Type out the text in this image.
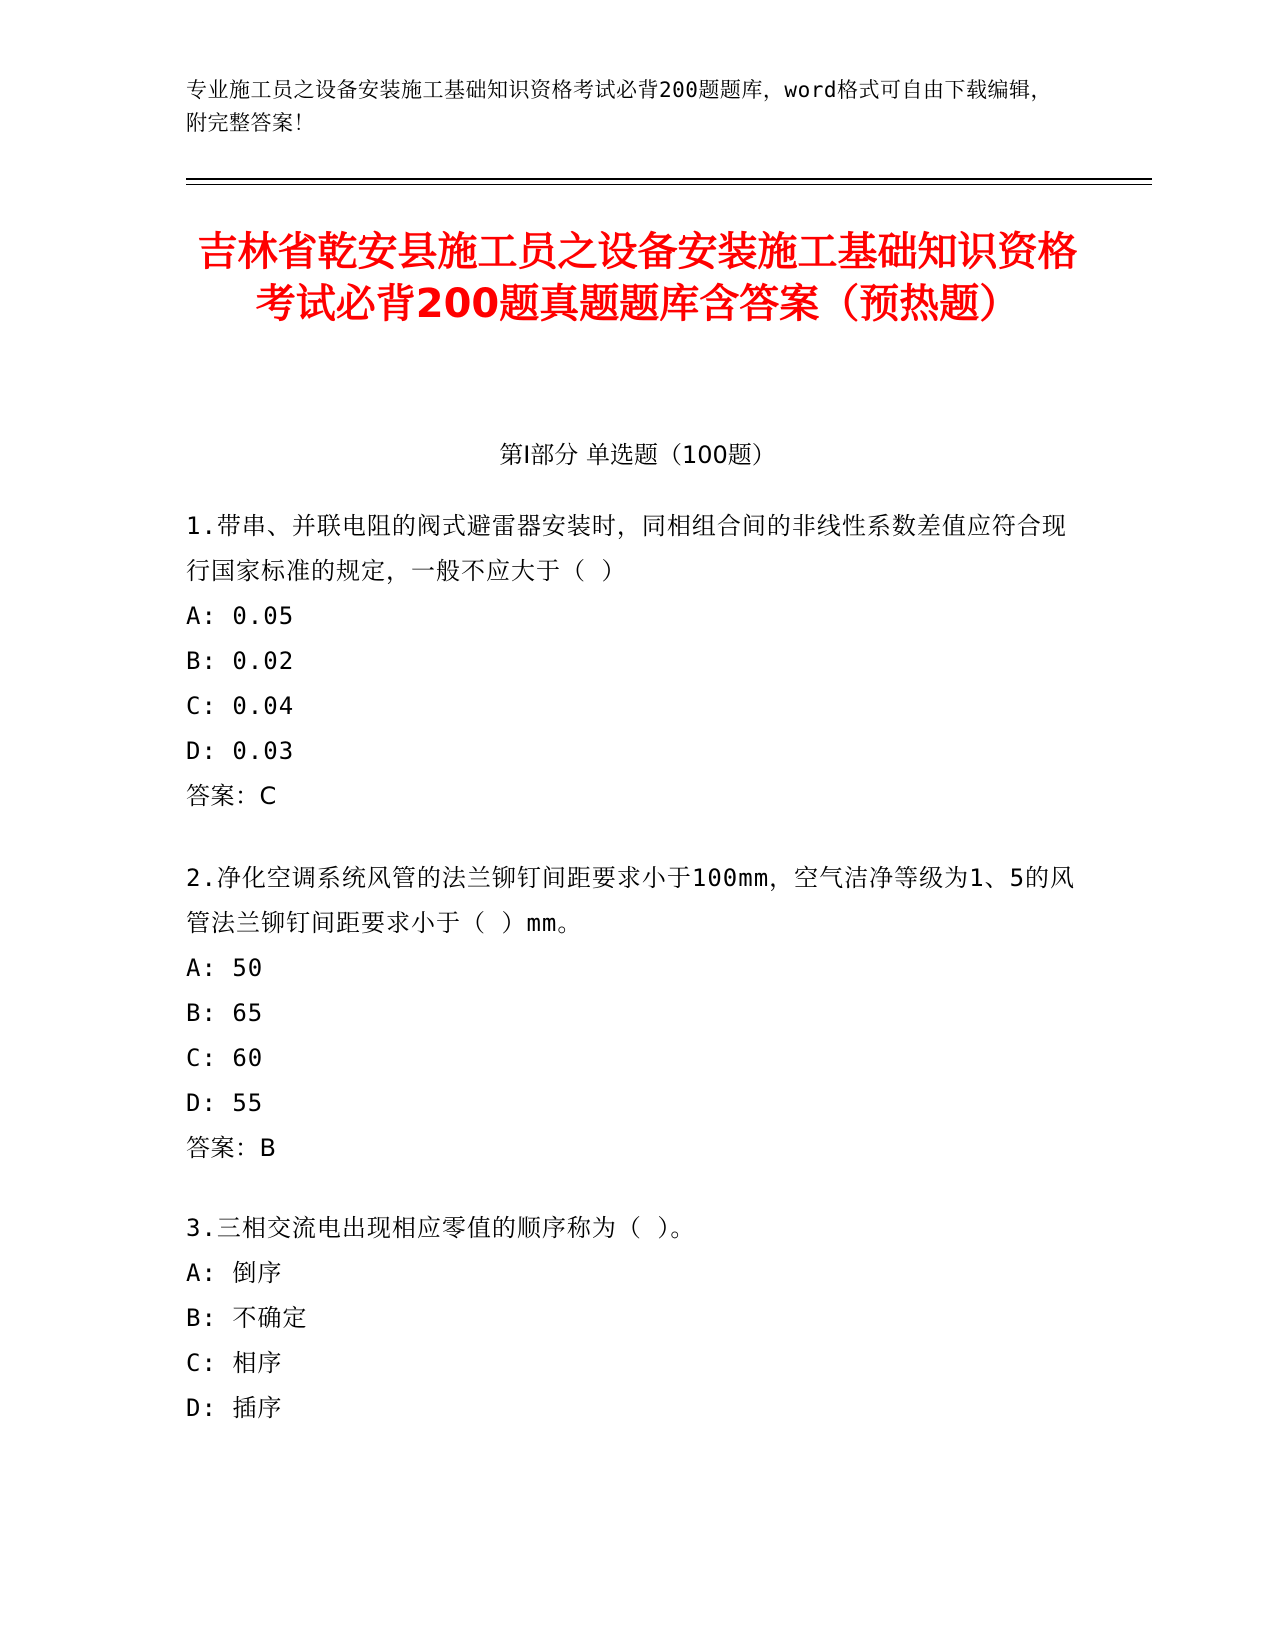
专业施工员之设备安装施工基础知识资格考试必背200题题库，word格式可自由下载编辑，附完整答案！
吉林省乾安县施工员之设备安装施工基础知识资格考试必背200题真题题库含答案（预热题）
第Ⅰ部分 单选题（100题）

1.带串、并联电阻的阀式避雷器安装时，同相组合间的非线性系数差值应符合现行国家标准的规定，一般不应大于（ ）

A: 0.05

B: 0.02

C: 0.04

D: 0.03

答案：C

2.净化空调系统风管的法兰铆钉间距要求小于100mm，空气洁净等级为1、5的风管法兰铆钉间距要求小于（ ）mm。

A: 50

B: 65

C: 60

D: 55

答案：B

3.三相交流电出现相应零值的顺序称为（ ）。

A: 倒序

B: 不确定

C: 相序

D: 插序
